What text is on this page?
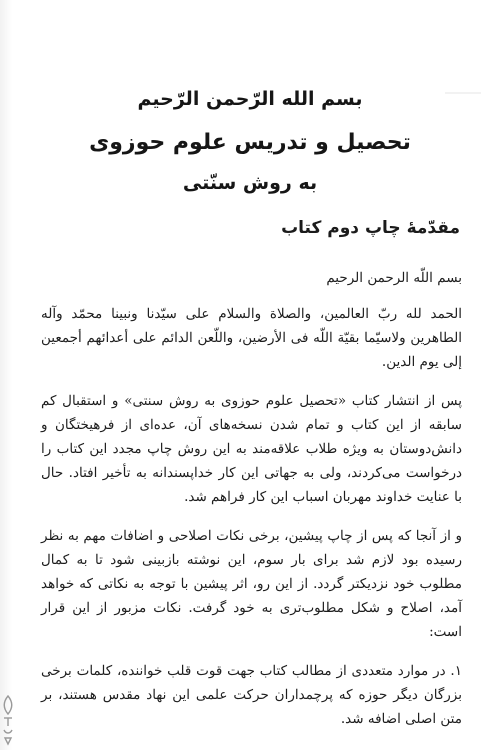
بسم الله الرّحمن الرّحيم

تحصيل و تدريس علوم حوزوی

به روش سنّتی

مقدّمهٔ چاپ دوم کتاب

بسم اللّه الرحمن الرحيم

الحمد لله ربّ العالمين، والصلاة والسلام على سيّدنا ونبينا محمّد وآله الطاهرين ولاسيّما بقيّة اللّه فى الأرضين، واللّعن الدائم على أعدائهم أجمعين إلى يوم الدين.

پس از انتشار کتاب «تحصیل علوم حوزوی به روش سنتی» و استقبال کم سابقه از این کتاب و تمام شدن نسخه‌های آن، عده‌ای از فرهیختگان و دانش‌دوستان به ویژه طلاب علاقه‌مند به این روش چاپ مجدد این کتاب را درخواست می‌کردند، ولی به جهاتی این کار خداپسندانه به تأخیر افتاد. حال با عنایت خداوند مهربان اسباب این کار فراهم شد.

و از آنجا که پس از چاپ پیشین، برخی نکات اصلاحی و اضافات مهم به نظر رسیده بود لازم شد برای بار سوم، این نوشته بازبینی شود تا به کمال مطلوب خود نزدیکتر گردد. از این رو، اثر پیشین با توجه به نکاتی که خواهد آمد، اصلاح و شکل مطلوب‌تری به خود گرفت. نکات مزبور از این قرار است:

۱. در موارد متعددی از مطالب کتاب جهت قوت قلب خواننده، کلمات برخی بزرگان دیگر حوزه که پرچمداران حرکت علمی این نهاد مقدس هستند، بر متن اصلی اضافه شد.
